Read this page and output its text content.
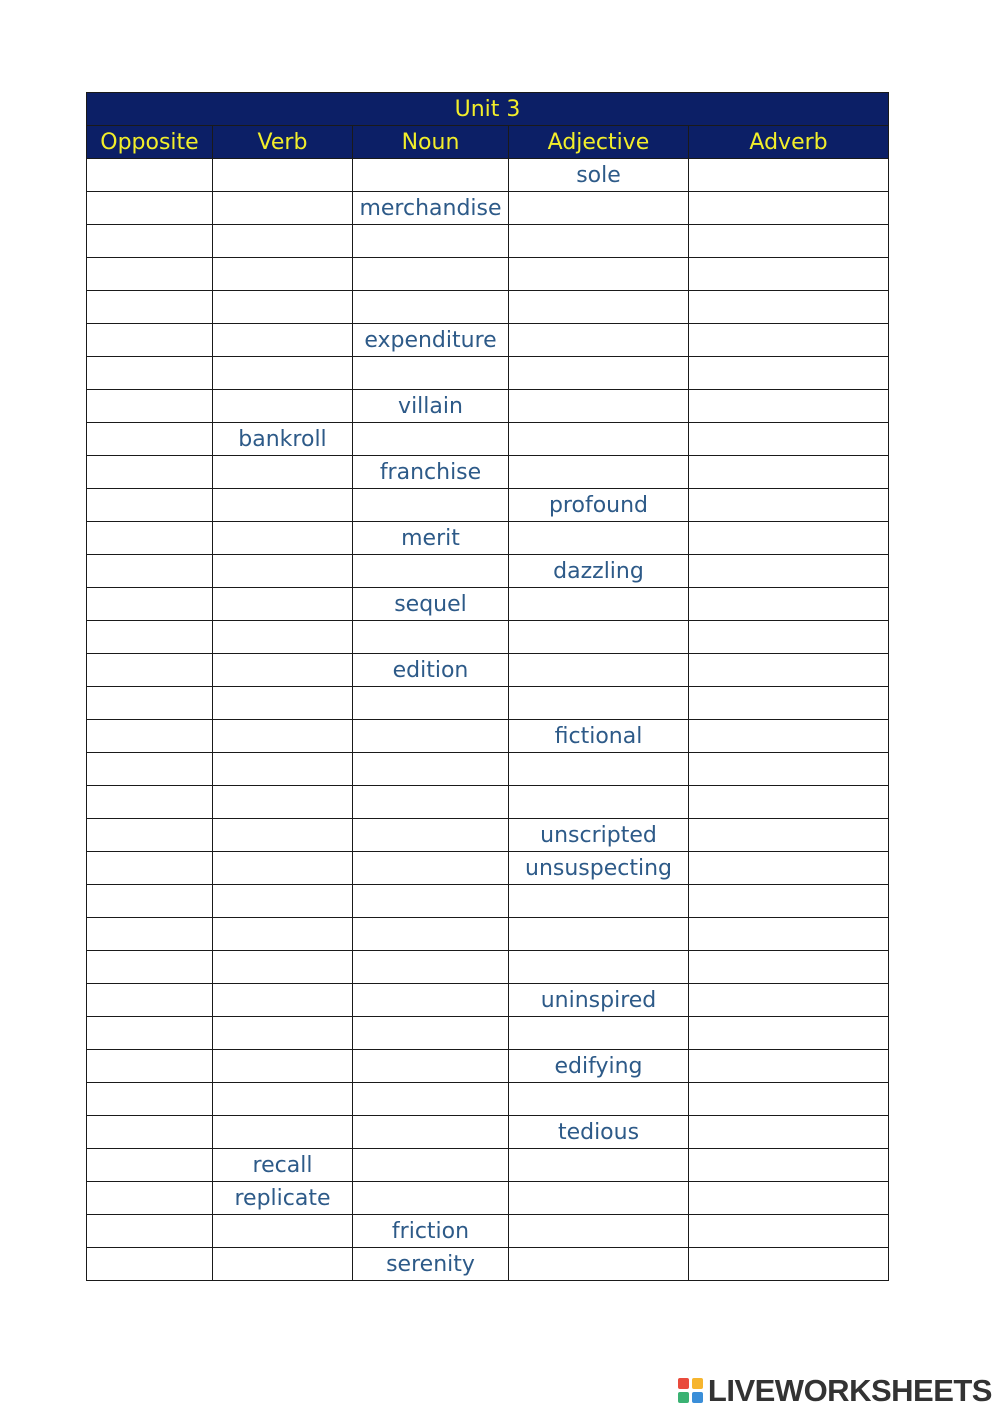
Unit 3				
Opposite	Verb	Noun	Adjective	Adverb
			sole	
		merchandise		

		expenditure		

		villain		
	bankroll			
		franchise		
			profound	
		merit		
			dazzling	
		sequel		

		edition		

			fictional	

			unscripted	
			unsuspecting	

			uninspired	

			edifying	

			tedious	
	recall			
	replicate			
		friction		
		serenity		
LIVEWORKSHEETS
